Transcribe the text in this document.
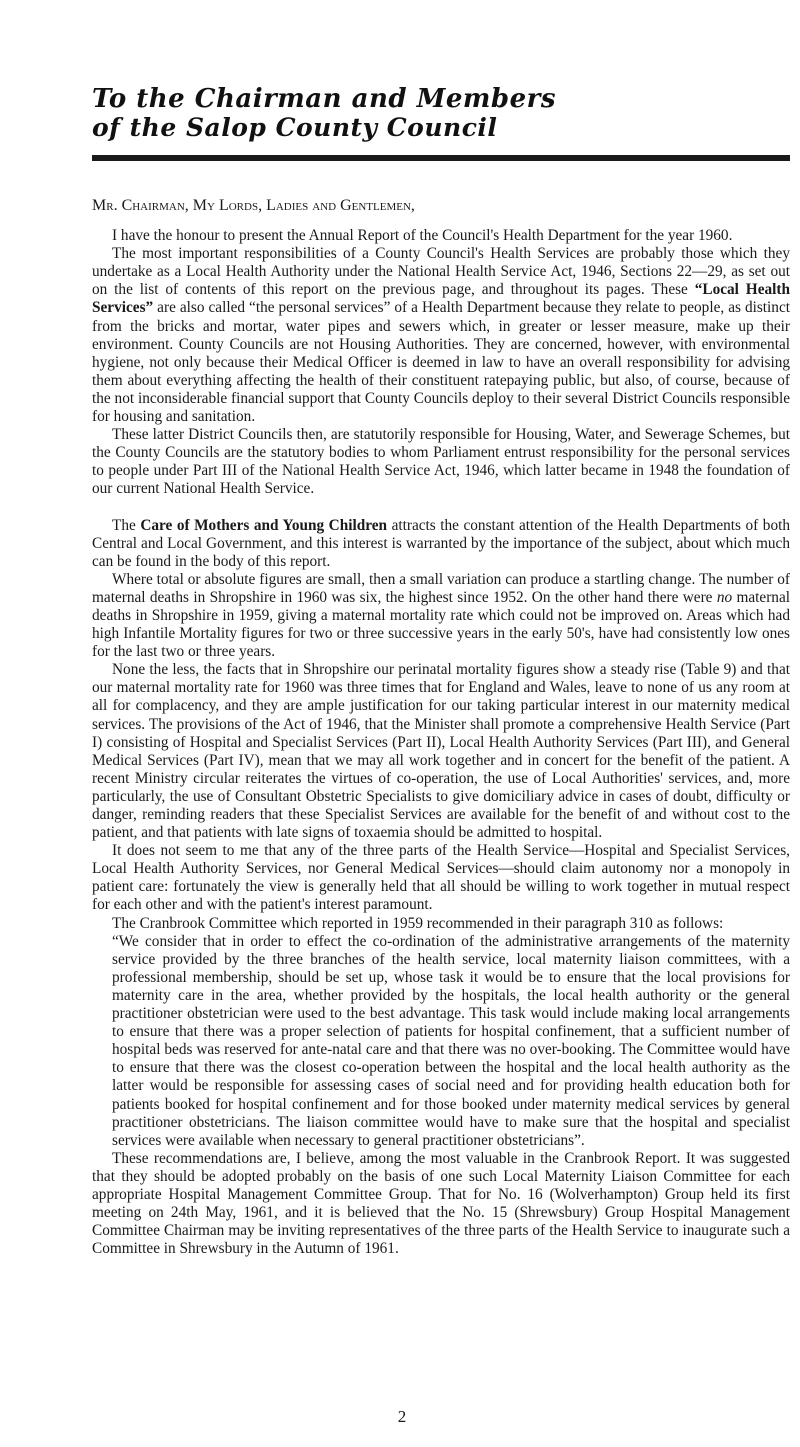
To the Chairman and Members
of the Salop County Council

Mr. Chairman, My Lords, Ladies and Gentlemen,

I have the honour to present the Annual Report of the Council's Health Department for the year 1960.

The most important responsibilities of a County Council's Health Services are probably those which they undertake as a Local Health Authority under the National Health Service Act, 1946, Sections 22—29, as set out on the list of contents of this report on the previous page, and throughout its pages. These “Local Health Services” are also called “the personal services” of a Health Department because they relate to people, as distinct from the bricks and mortar, water pipes and sewers which, in greater or lesser measure, make up their environment. County Councils are not Housing Authorities. They are concerned, however, with environmental hygiene, not only because their Medical Officer is deemed in law to have an overall responsibility for advising them about everything affecting the health of their constituent ratepaying public, but also, of course, because of the not inconsiderable financial support that County Councils deploy to their several District Councils responsible for housing and sanitation.

These latter District Councils then, are statutorily responsible for Housing, Water, and Sewerage Schemes, but the County Councils are the statutory bodies to whom Parliament entrust responsibility for the personal services to people under Part III of the National Health Service Act, 1946, which latter became in 1948 the foundation of our current National Health Service.

The Care of Mothers and Young Children attracts the constant attention of the Health Departments of both Central and Local Government, and this interest is warranted by the importance of the subject, about which much can be found in the body of this report.

Where total or absolute figures are small, then a small variation can produce a startling change. The number of maternal deaths in Shropshire in 1960 was six, the highest since 1952. On the other hand there were no maternal deaths in Shropshire in 1959, giving a maternal mortality rate which could not be improved on. Areas which had high Infantile Mortality figures for two or three successive years in the early 50's, have had consistently low ones for the last two or three years.

None the less, the facts that in Shropshire our perinatal mortality figures show a steady rise (Table 9) and that our maternal mortality rate for 1960 was three times that for England and Wales, leave to none of us any room at all for complacency, and they are ample justification for our taking particular interest in our maternity medical services. The provisions of the Act of 1946, that the Minister shall promote a comprehensive Health Service (Part I) consisting of Hospital and Specialist Services (Part II), Local Health Authority Services (Part III), and General Medical Services (Part IV), mean that we may all work together and in concert for the benefit of the patient. A recent Ministry circular reiterates the virtues of co-operation, the use of Local Authorities' services, and, more particularly, the use of Consultant Obstetric Specialists to give domiciliary advice in cases of doubt, difficulty or danger, reminding readers that these Specialist Services are available for the benefit of and without cost to the patient, and that patients with late signs of toxaemia should be admitted to hospital.

It does not seem to me that any of the three parts of the Health Service—Hospital and Specialist Services, Local Health Authority Services, nor General Medical Services—should claim autonomy nor a monopoly in patient care: fortunately the view is generally held that all should be willing to work together in mutual respect for each other and with the patient's interest paramount.

The Cranbrook Committee which reported in 1959 recommended in their paragraph 310 as follows:

“We consider that in order to effect the co-ordination of the administrative arrangements of the maternity service provided by the three branches of the health service, local maternity liaison committees, with a professional membership, should be set up, whose task it would be to ensure that the local provisions for maternity care in the area, whether provided by the hospitals, the local health authority or the general practitioner obstetrician were used to the best advantage. This task would include making local arrangements to ensure that there was a proper selection of patients for hospital confinement, that a sufficient number of hospital beds was reserved for ante-natal care and that there was no over-booking. The Committee would have to ensure that there was the closest co-operation between the hospital and the local health authority as the latter would be responsible for assessing cases of social need and for providing health education both for patients booked for hospital confinement and for those booked under maternity medical services by general practitioner obstetricians. The liaison committee would have to make sure that the hospital and specialist services were available when necessary to general practitioner obstetricians”.

These recommendations are, I believe, among the most valuable in the Cranbrook Report. It was suggested that they should be adopted probably on the basis of one such Local Maternity Liaison Committee for each appropriate Hospital Management Committee Group. That for No. 16 (Wolverhampton) Group held its first meeting on 24th May, 1961, and it is believed that the No. 15 (Shrewsbury) Group Hospital Management Committee Chairman may be inviting representatives of the three parts of the Health Service to inaugurate such a Committee in Shrewsbury in the Autumn of 1961.

2
